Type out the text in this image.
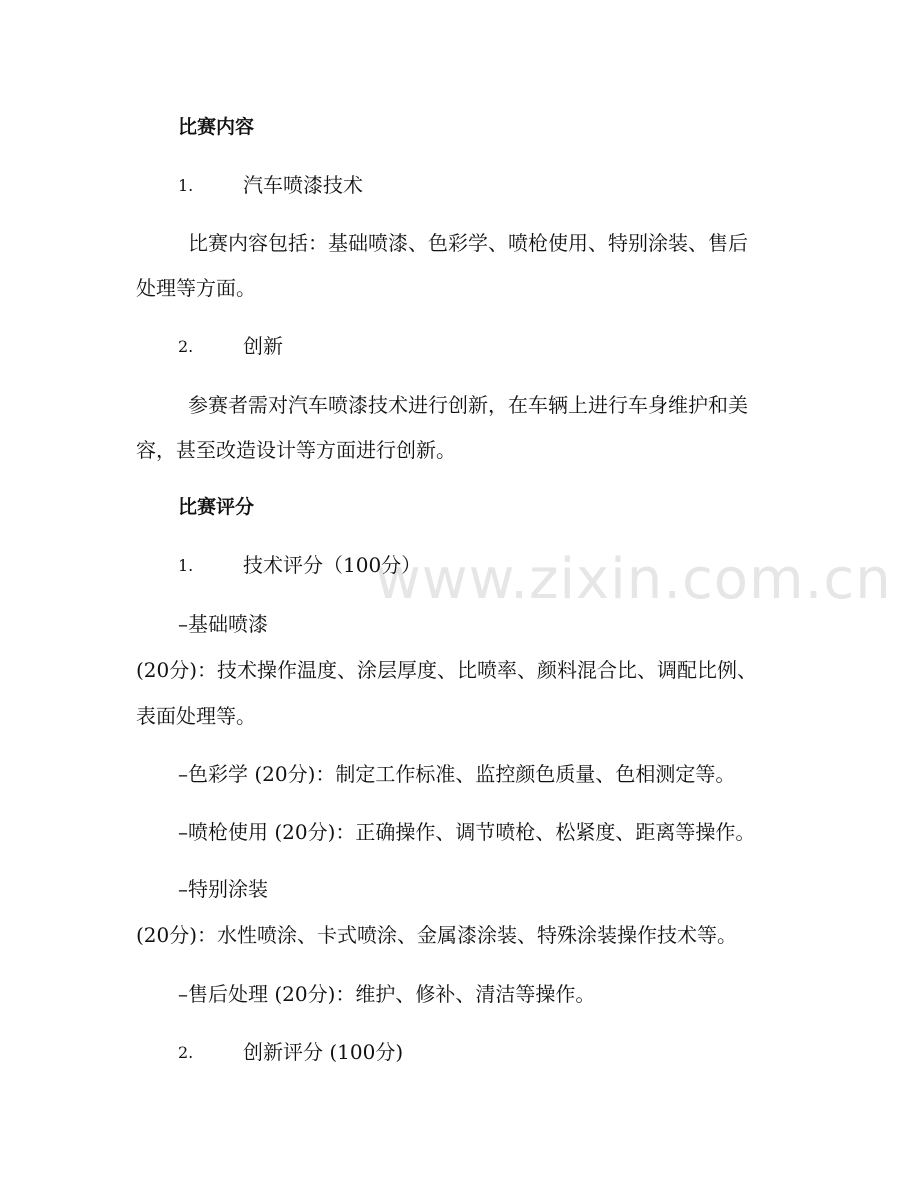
www.zixin.com.cn
比赛内容
1. 汽车喷漆技术
比赛内容包括：基础喷漆、色彩学、喷枪使用、特别涂装、售后
处理等方面。
2. 创新
参赛者需对汽车喷漆技术进行创新，在车辆上进行车身维护和美
容，甚至改造设计等方面进行创新。
比赛评分
1. 技术评分（100分）
–基础喷漆
(20分)：技术操作温度、涂层厚度、比喷率、颜料混合比、调配比例、
表面处理等。
–色彩学 (20分)：制定工作标准、监控颜色质量、色相测定等。
–喷枪使用 (20分)：正确操作、调节喷枪、松紧度、距离等操作。
–特别涂装
(20分)：水性喷涂、卡式喷涂、金属漆涂装、特殊涂装操作技术等。
–售后处理 (20分)：维护、修补、清洁等操作。
2. 创新评分 (100分)
